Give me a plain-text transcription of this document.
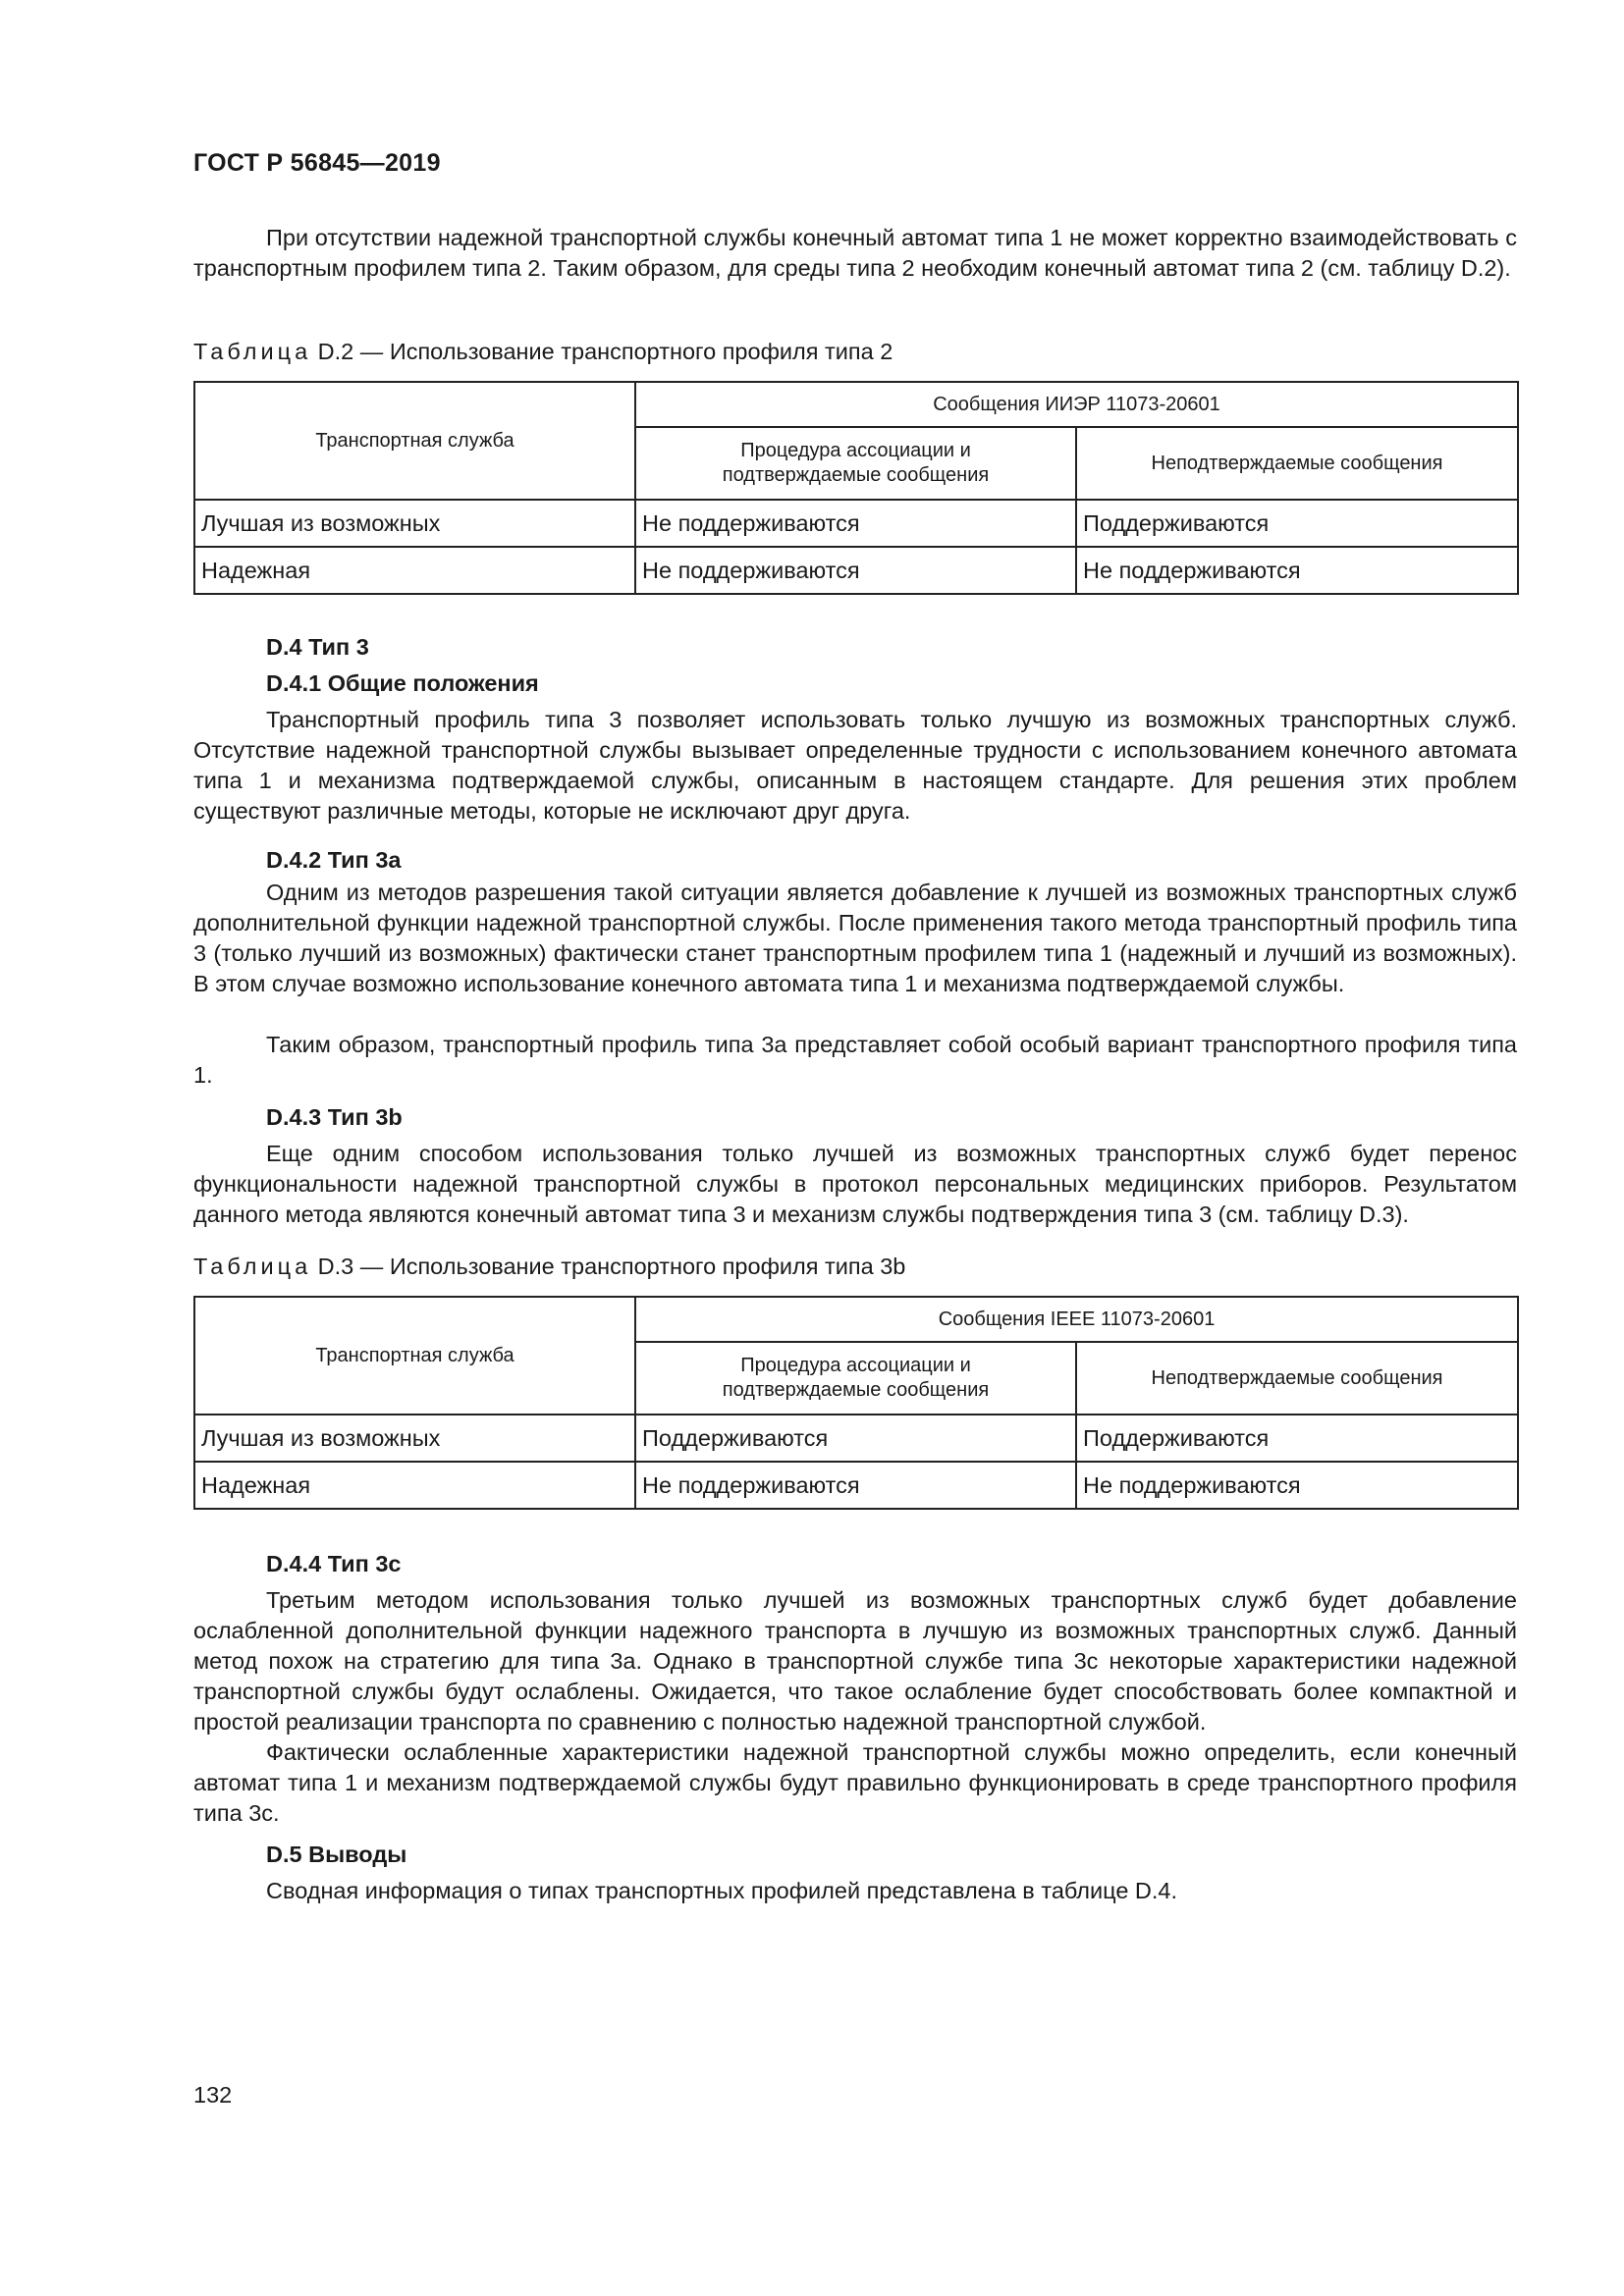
ГОСТ Р 56845—2019

При отсутствии надежной транспортной службы конечный автомат типа 1 не может корректно взаимодействовать с транспортным профилем типа 2. Таким образом, для среды типа 2 необходим конечный автомат типа 2 (см. таблицу D.2).

Таблица D.2 — Использование транспортного профиля типа 2

Транспортная служба	Сообщения ИИЭР 11073-20601	
	Процедура ассоциации и подтверждаемые сообщения	Неподтверждаемые сообщения
Лучшая из возможных	Не поддерживаются	Поддерживаются
Надежная	Не поддерживаются	Не поддерживаются

D.4 Тип 3

D.4.1 Общие положения

Транспортный профиль типа 3 позволяет использовать только лучшую из возможных транспортных служб. Отсутствие надежной транспортной службы вызывает определенные трудности с использованием конечного автомата типа 1 и механизма подтверждаемой службы, описанным в настоящем стандарте. Для решения этих проблем существуют различные методы, которые не исключают друг друга.

D.4.2 Тип 3а

Одним из методов разрешения такой ситуации является добавление к лучшей из возможных транспортных служб дополнительной функции надежной транспортной службы. После применения такого метода транспортный профиль типа 3 (только лучший из возможных) фактически станет транспортным профилем типа 1 (надежный и лучший из возможных). В этом случае возможно использование конечного автомата типа 1 и механизма подтверждаемой службы.

Таким образом, транспортный профиль типа 3а представляет собой особый вариант транспортного профиля типа 1.

D.4.3 Тип 3b

Еще одним способом использования только лучшей из возможных транспортных служб будет перенос функциональности надежной транспортной службы в протокол персональных медицинских приборов. Результатом данного метода являются конечный автомат типа 3 и механизм службы подтверждения типа 3 (см. таблицу D.3).

Таблица D.3 — Использование транспортного профиля типа 3b

Транспортная служба	Сообщения IEEE 11073-20601	
	Процедура ассоциации и подтверждаемые сообщения	Неподтверждаемые сообщения
Лучшая из возможных	Поддерживаются	Поддерживаются
Надежная	Не поддерживаются	Не поддерживаются

D.4.4 Тип 3с

Третьим методом использования только лучшей из возможных транспортных служб будет добавление ослабленной дополнительной функции надежного транспорта в лучшую из возможных транспортных служб. Данный метод похож на стратегию для типа 3а. Однако в транспортной службе типа 3с некоторые характеристики надежной транспортной службы будут ослаблены. Ожидается, что такое ослабление будет способствовать более компактной и простой реализации транспорта по сравнению с полностью надежной транспортной службой.

Фактически ослабленные характеристики надежной транспортной службы можно определить, если конечный автомат типа 1 и механизм подтверждаемой службы будут правильно функционировать в среде транспортного профиля типа 3с.

D.5 Выводы

Сводная информация о типах транспортных профилей представлена в таблице D.4.

132
